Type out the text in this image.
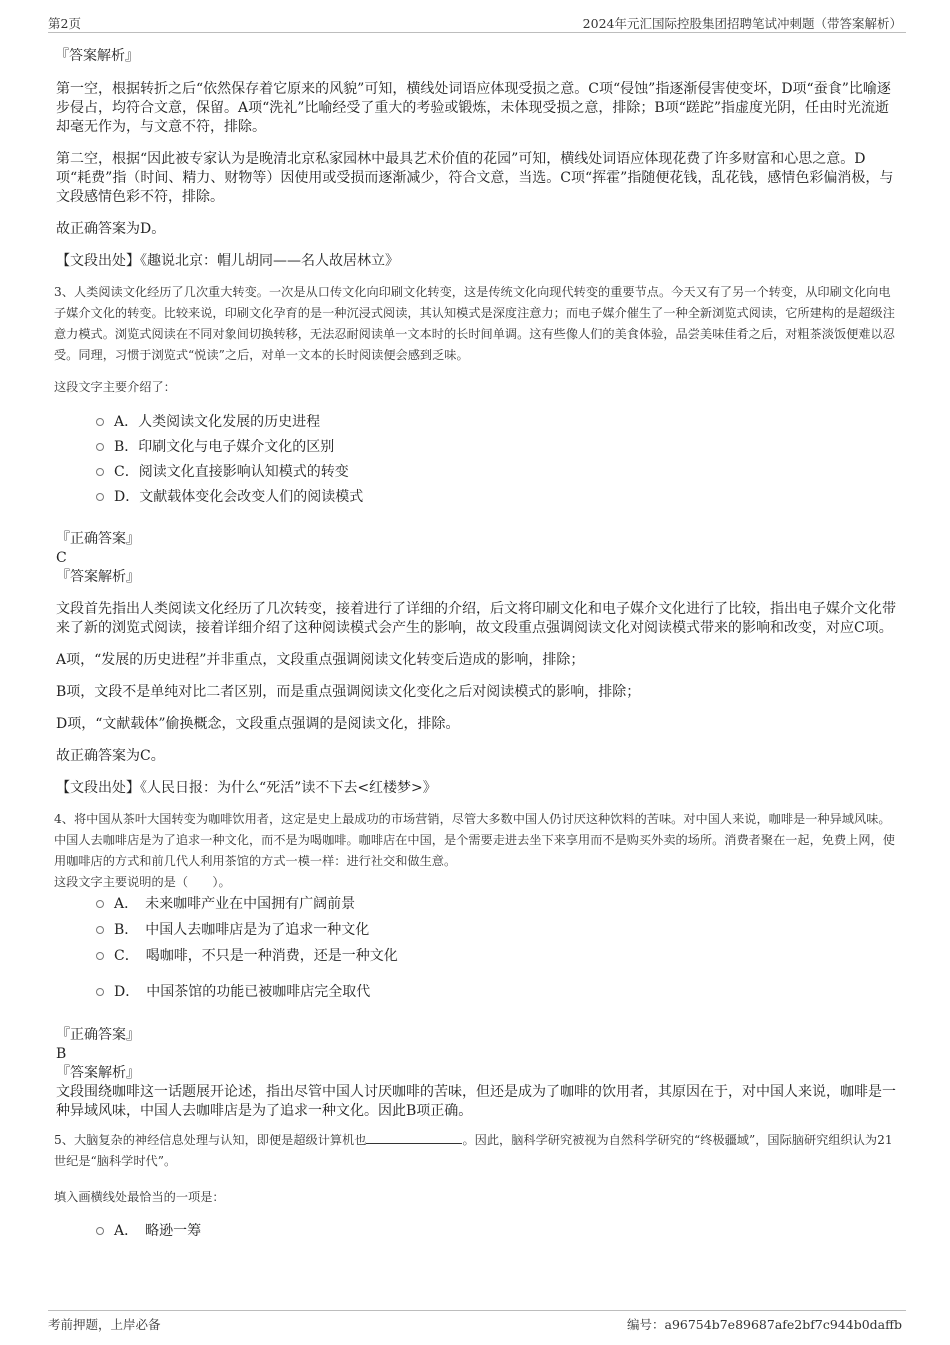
第2页	2024年元汇国际控股集团招聘笔试冲刺题（带答案解析）

『答案解析』

第一空，根据转折之后“依然保存着它原来的风貌”可知，横线处词语应体现受损之意。C项“侵蚀”指逐渐侵害使变坏，D项“蚕食”比喻逐步侵占，均符合文意，保留。A项“洗礼”比喻经受了重大的考验或锻炼，未体现受损之意，排除；B项“蹉跎”指虚度光阴，任由时光流逝却毫无作为，与文意不符，排除。

第二空，根据“因此被专家认为是晚清北京私家园林中最具艺术价值的花园”可知，横线处词语应体现花费了许多财富和心思之意。D项“耗费”指（时间、精力、财物等）因使用或受损而逐渐减少，符合文意，当选。C项“挥霍”指随便花钱，乱花钱，感情色彩偏消极，与文段感情色彩不符，排除。

故正确答案为D。

【文段出处】《趣说北京：帽儿胡同——名人故居林立》

3、人类阅读文化经历了几次重大转变。一次是从口传文化向印刷文化转变，这是传统文化向现代转变的重要节点。今天又有了另一个转变，从印刷文化向电子媒介文化的转变。比较来说，印刷文化孕育的是一种沉浸式阅读，其认知模式是深度注意力；而电子媒介催生了一种全新浏览式阅读，它所建构的是超级注意力模式。浏览式阅读在不同对象间切换转移，无法忍耐阅读单一文本时的长时间单调。这有些像人们的美食体验，品尝美味佳肴之后，对粗茶淡饭便难以忍受。同理，习惯于浏览式“悦读”之后，对单一文本的长时阅读便会感到乏味。

这段文字主要介绍了：

A．人类阅读文化发展的历史进程
B．印刷文化与电子媒介文化的区别
C．阅读文化直接影响认知模式的转变
D．文献载体变化会改变人们的阅读模式

『正确答案』

C

『答案解析』

文段首先指出人类阅读文化经历了几次转变，接着进行了详细的介绍，后文将印刷文化和电子媒介文化进行了比较，指出电子媒介文化带来了新的浏览式阅读，接着详细介绍了这种阅读模式会产生的影响，故文段重点强调阅读文化对阅读模式带来的影响和改变，对应C项。

A项，“发展的历史进程”并非重点，文段重点强调阅读文化转变后造成的影响，排除；

B项，文段不是单纯对比二者区别，而是重点强调阅读文化变化之后对阅读模式的影响，排除；

D项，“文献载体”偷换概念，文段重点强调的是阅读文化，排除。

故正确答案为C。

【文段出处】《人民日报：为什么“死活”读不下去<红楼梦>》

4、将中国从茶叶大国转变为咖啡饮用者，这定是史上最成功的市场营销，尽管大多数中国人仍讨厌这种饮料的苦味。对中国人来说，咖啡是一种异域风味。中国人去咖啡店是为了追求一种文化，而不是为喝咖啡。咖啡店在中国，是个需要走进去坐下来享用而不是购买外卖的场所。消费者聚在一起，免费上网，使用咖啡店的方式和前几代人利用茶馆的方式一模一样：进行社交和做生意。

这段文字主要说明的是（　　）。

A．　未来咖啡产业在中国拥有广阔前景
B．　中国人去咖啡店是为了追求一种文化
C．　喝咖啡，不只是一种消费，还是一种文化
D．　中国茶馆的功能已被咖啡店完全取代

『正确答案』

B

『答案解析』

文段围绕咖啡这一话题展开论述，指出尽管中国人讨厌咖啡的苦味，但还是成为了咖啡的饮用者，其原因在于，对中国人来说，咖啡是一种异域风味，中国人去咖啡店是为了追求一种文化。因此B项正确。

5、大脑复杂的神经信息处理与认知，即便是超级计算机也	。因此，脑科学研究被视为自然科学研究的“终极疆域”，国际脑研究组织认为21世纪是“脑科学时代”。

填入画横线处最恰当的一项是：

A．　略逊一筹
考前押题，上岸必备	编号：a96754b7e89687afe2bf7c944b0daffb
